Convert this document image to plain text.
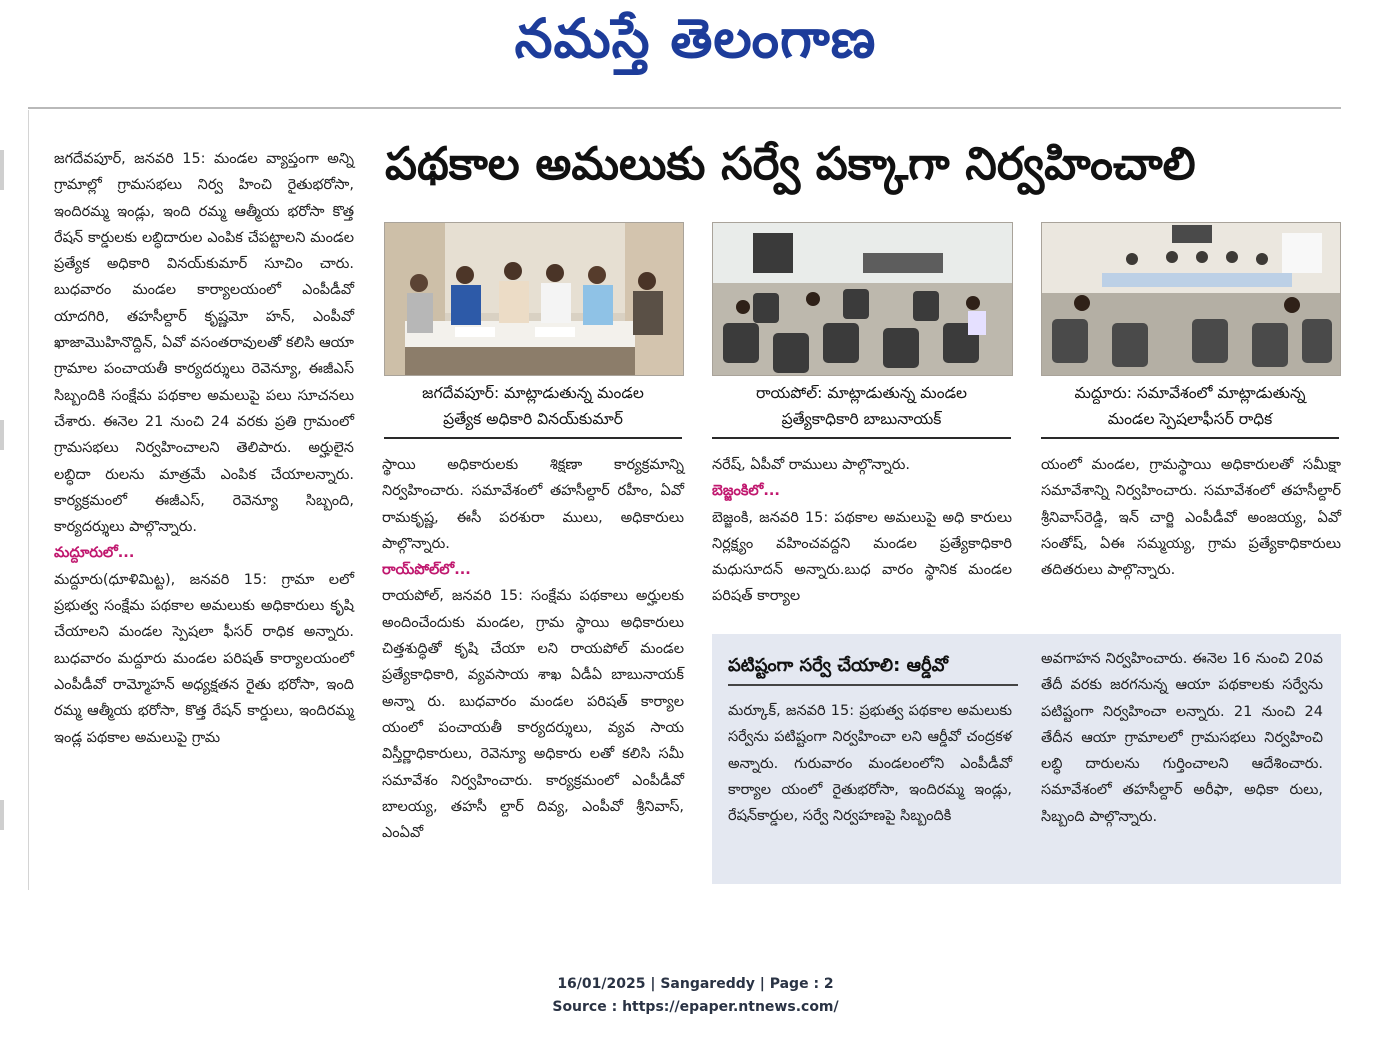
నమస్తే తెలంగాణ
పథకాల అమలుకు సర్వే పక్కాగా నిర్వహించాలి

జగదేవపూర్, జనవరి 15: మండల వ్యాప్తంగా అన్ని గ్రామాల్లో గ్రామసభలు నిర్వ హించి రైతుభరోసా, ఇందిరమ్మ ఇండ్లు, ఇంది రమ్మ ఆత్మీయ భరోసా కొత్త రేషన్ కార్డులకు లబ్ధిదారుల ఎంపిక చేపట్టాలని మండల ప్రత్యేక అధికారి వినయ్‌కుమార్ సూచిం చారు. బుధవారం మండల కార్యాలయంలో ఎంపీడీవో యాదగిరి, తహసీల్దార్ కృష్ణమో హన్, ఎంపీవో ఖాజామొహినొద్దిన్, ఏవో వసంతరావులతో కలిసి ఆయా గ్రామాల పంచాయతీ కార్యదర్శులు రెవెన్యూ, ఈజీఎస్ సిబ్బందికి సంక్షేమ పథకాల అమలుపై పలు సూచనలు చేశారు. ఈనెల 21 నుంచి 24 వరకు ప్రతి గ్రామంలో గ్రామసభలు నిర్వహించాలని తెలిపారు. అర్హులైన లబ్ధిదా రులను మాత్రమే ఎంపిక చేయాలన్నారు. కార్యక్రమంలో ఈజీఎస్, రెవెన్యూ సిబ్బంది, కార్యదర్శులు పాల్గొన్నారు.

మద్దూరులో...

మద్దూరు(ధూళిమిట్ట), జనవరి 15: గ్రామా లలో ప్రభుత్వ సంక్షేమ పథకాల అమలుకు అధికారులు కృషి చేయాలని మండల స్పెషలా ఫీసర్ రాధిక అన్నారు. బుధవారం మద్దూరు మండల పరిషత్ కార్యాలయంలో ఎంపీడీవో రామ్మోహన్ అధ్యక్షతన రైతు భరోసా, ఇంది రమ్మ ఆత్మీయ భరోసా, కొత్త రేషన్ కార్డులు, ఇందిరమ్మ ఇండ్ల పథకాల అమలుపై గ్రామ

జగదేవపూర్: మాట్లాడుతున్న మండల
ప్రత్యేక అధికారి వినయ్‌కుమార్
రాయపోల్: మాట్లాడుతున్న మండల
ప్రత్యేకాధికారి బాబునాయక్
మద్దూరు: సమావేశంలో మాట్లాడుతున్న
మండల స్పెషలాఫీసర్ రాధిక

స్థాయి అధికారులకు శిక్షణా కార్యక్రమాన్ని నిర్వహించారు. సమావేశంలో తహసీల్దార్ రహీం, ఏవో రామకృష్ణ, ఈసీ పరశురా ములు, అధికారులు పాల్గొన్నారు.

రాయ్‌పోల్‌లో...

రాయపోల్, జనవరి 15: సంక్షేమ పథకాలు అర్హులకు అందించేందుకు మండల, గ్రామ స్థాయి అధికారులు చిత్తశుద్ధితో కృషి చేయా లని రాయపోల్ మండల ప్రత్యేకాధికారి, వ్యవసాయ శాఖ ఏడీఏ బాబునాయక్ అన్నా రు. బుధవారం మండల పరిషత్ కార్యాల యంలో పంచాయతీ కార్యదర్శులు, వ్యవ సాయ విస్తీర్ణాధికారులు, రెవెన్యూ అధికారు లతో కలిసి సమీ సమావేశం నిర్వహించారు. కార్యక్రమంలో ఎంపీడీవో బాలయ్య, తహసీ ల్దార్ దివ్య, ఎంపీవో శ్రీనివాస్, ఎంఏవో

నరేష్, ఏపీవో రాములు పాల్గొన్నారు.

బెజ్జంకిలో...

బెజ్జంకి, జనవరి 15: పథకాల అమలుపై అధి కారులు నిర్లక్ష్యం వహించవద్దని మండల ప్రత్యేకాధికారి మధుసూదన్ అన్నారు.బుధ వారం స్థానిక మండల పరిషత్ కార్యాల

యంలో మండల, గ్రామస్థాయి అధికారులతో సమీక్షా సమావేశాన్ని నిర్వహించారు. సమావేశంలో తహసీల్దార్ శ్రీనివాస్‌రెడ్డి, ఇన్ చార్జి ఎంపీడీవో అంజయ్య, ఏవో సంతోష్, ఏఈ సమ్మయ్య, గ్రామ ప్రత్యేకాధికారులు తదితరులు పాల్గొన్నారు.

పటిష్టంగా సర్వే చేయాలి: ఆర్డీవో

మర్కూక్, జనవరి 15: ప్రభుత్వ పథకాల అమలుకు సర్వేను పటిష్టంగా నిర్వహించా లని ఆర్డీవో చంద్రకళ అన్నారు. గురువారం మండలంలోని ఎంపీడీవో కార్యాల యంలో రైతుభరోసా, ఇందిరమ్మ ఇండ్లు, రేషన్‌కార్డుల, సర్వే నిర్వహణపై సిబ్బందికి

అవగాహన నిర్వహించారు. ఈనెల 16 నుంచి 20వ తేదీ వరకు జరగనున్న ఆయా పథకాలకు సర్వేను పటిష్టంగా నిర్వహించా లన్నారు. 21 నుంచి 24 తేదీన ఆయా గ్రామాలలో గ్రామసభలు నిర్వహించి లబ్ధి దారులను గుర్తించాలని ఆదేశించారు. సమావేశంలో తహసీల్దార్ అరీఫా, అధికా రులు, సిబ్బంది పాల్గొన్నారు.

16/01/2025 | Sangareddy | Page : 2
Source : https://epaper.ntnews.com/
